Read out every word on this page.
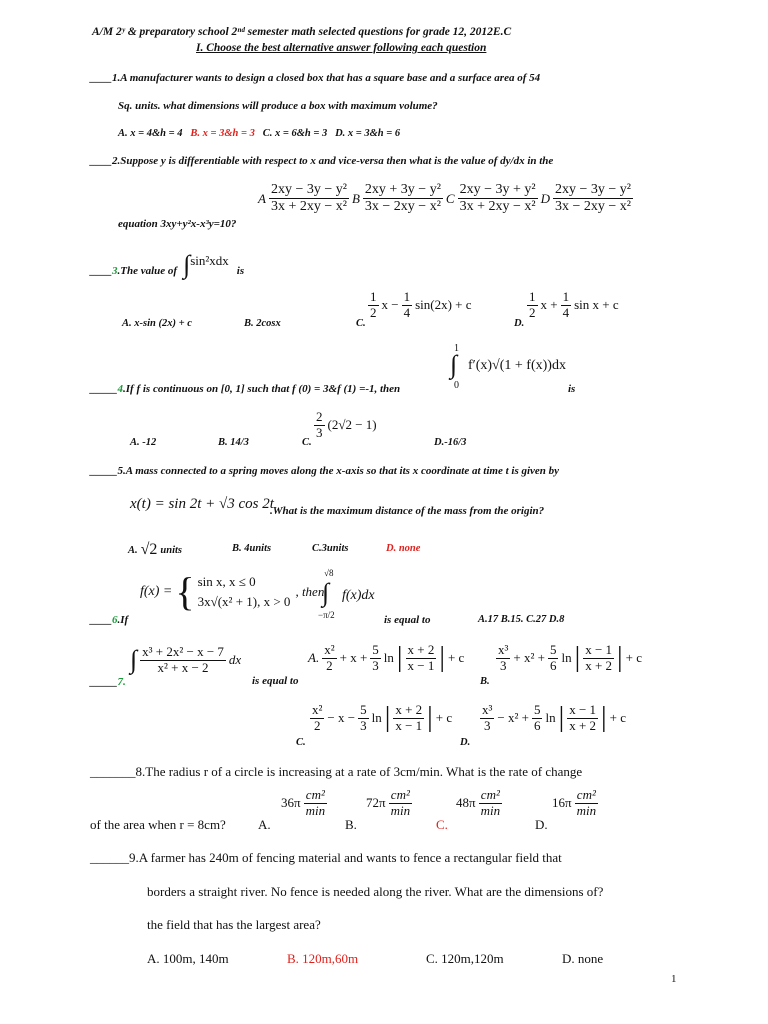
A/M 2ʸ & preparatory school 2ⁿᵈ semester math selected questions for grade 12, 2012E.C
I. Choose the best alternative answer following each question
____1.A manufacturer wants to design a closed box that has a square base and a surface area of 54
Sq. units. what dimensions will produce a box with maximum volume?
A. x = 4&h = 4 B. x = 3&h = 3 C. x = 6&h = 3 D. x = 3&h = 6
____2.Suppose y is differentiable with respect to x and vice-versa then what is the value of dy/dx in the
A $\frac{\text{2xy − 3y − y²}}{\text{3x + 2xy − x²}}$ B $\frac{\text{2xy + 3y − y²}}{\text{3x − 2xy − x²}}$ C $\frac{\text{2xy − 3y + y²}}{\text{3x + 2xy − x²}}$ D $\frac{\text{2xy − 3y − y²}}{\text{3x − 2xy − x²}}$
equation 3xy+y²x-x³y=10?
____ 3 .The value of ∫ sin²xdx
is
A. x-sin (2x) + c	B. 2cosx	C.
$\frac{1}{2}$ $x - \frac{1}{4} \sin(2x) + c$
D.
$\frac{1}{2}$ $x + \frac{1}{4}$ sin x + c
1
∫
0
f′(x)√(1 + f(x))dx
_____4.If f is continuous on [0, 1] such that f (0) = 3&f (1) =-1, then	is
A. -12	B. 14/3	C.
$\frac{2}{3} (2√2 - 1)$
D.-16/3
_____5.A mass connected to a spring moves along the x-axis so that its x coordinate at time t is given by
x(t) = sin 2t + √3 cos 2t
.What is the maximum distance of the mass from the origin?
A. √2 units	B. 4units	C.3units	D. none
f(x) = { sin x, x ≤ 0
3x√(x² + 1), x > 0
, then
√8
∫
−π/2
f(x)dx
____6.If	is equal to	A.17 B.15. C.27 D.8
∫ $\frac{\text{x³ + 2x² − x − 7}}{\text{x² + x − 2}}$ dx
_____7.	is equal to
A. $\frac{\text{x²}}{2} + x + \frac{5}{3}$ ln | $\frac{x + 2}{x - 1}$ | + c $\frac{\text{x³}}{3} + x^2 + \frac{5}{6}$ ln | $\frac{x - 1}{x + 2}$ | + c
B.
$\frac{\text{x²}}{2} - x - \frac{5}{3}$ ln | $\frac{x + 2}{x - 1}$ | + c
C.
$\frac{\text{x³}}{3} - x^2 + \frac{5}{6}$ ln | $\frac{x - 1}{x + 2}$ | + c
D.
_______8.The radius r of a circle is increasing at a rate of 3cm/min. What is the rate of change
$36\pi \frac{\text{cm²}}{\min}$	$72\pi \frac{\text{cm²}}{\min}$	$48\pi \frac{\text{cm²}}{\min}$	$16\pi \frac{\text{cm²}}{\min}$
of the area when r = 8cm? A.	B.	C.	D.
______9.A farmer has 240m of fencing material and wants to fence a rectangular field that
borders a straight river. No fence is needed along the river. What are the dimensions of?
the field that has the largest area?
A. 100m, 140m	B. 120m,60m	C. 120m,120m	D. none
1
